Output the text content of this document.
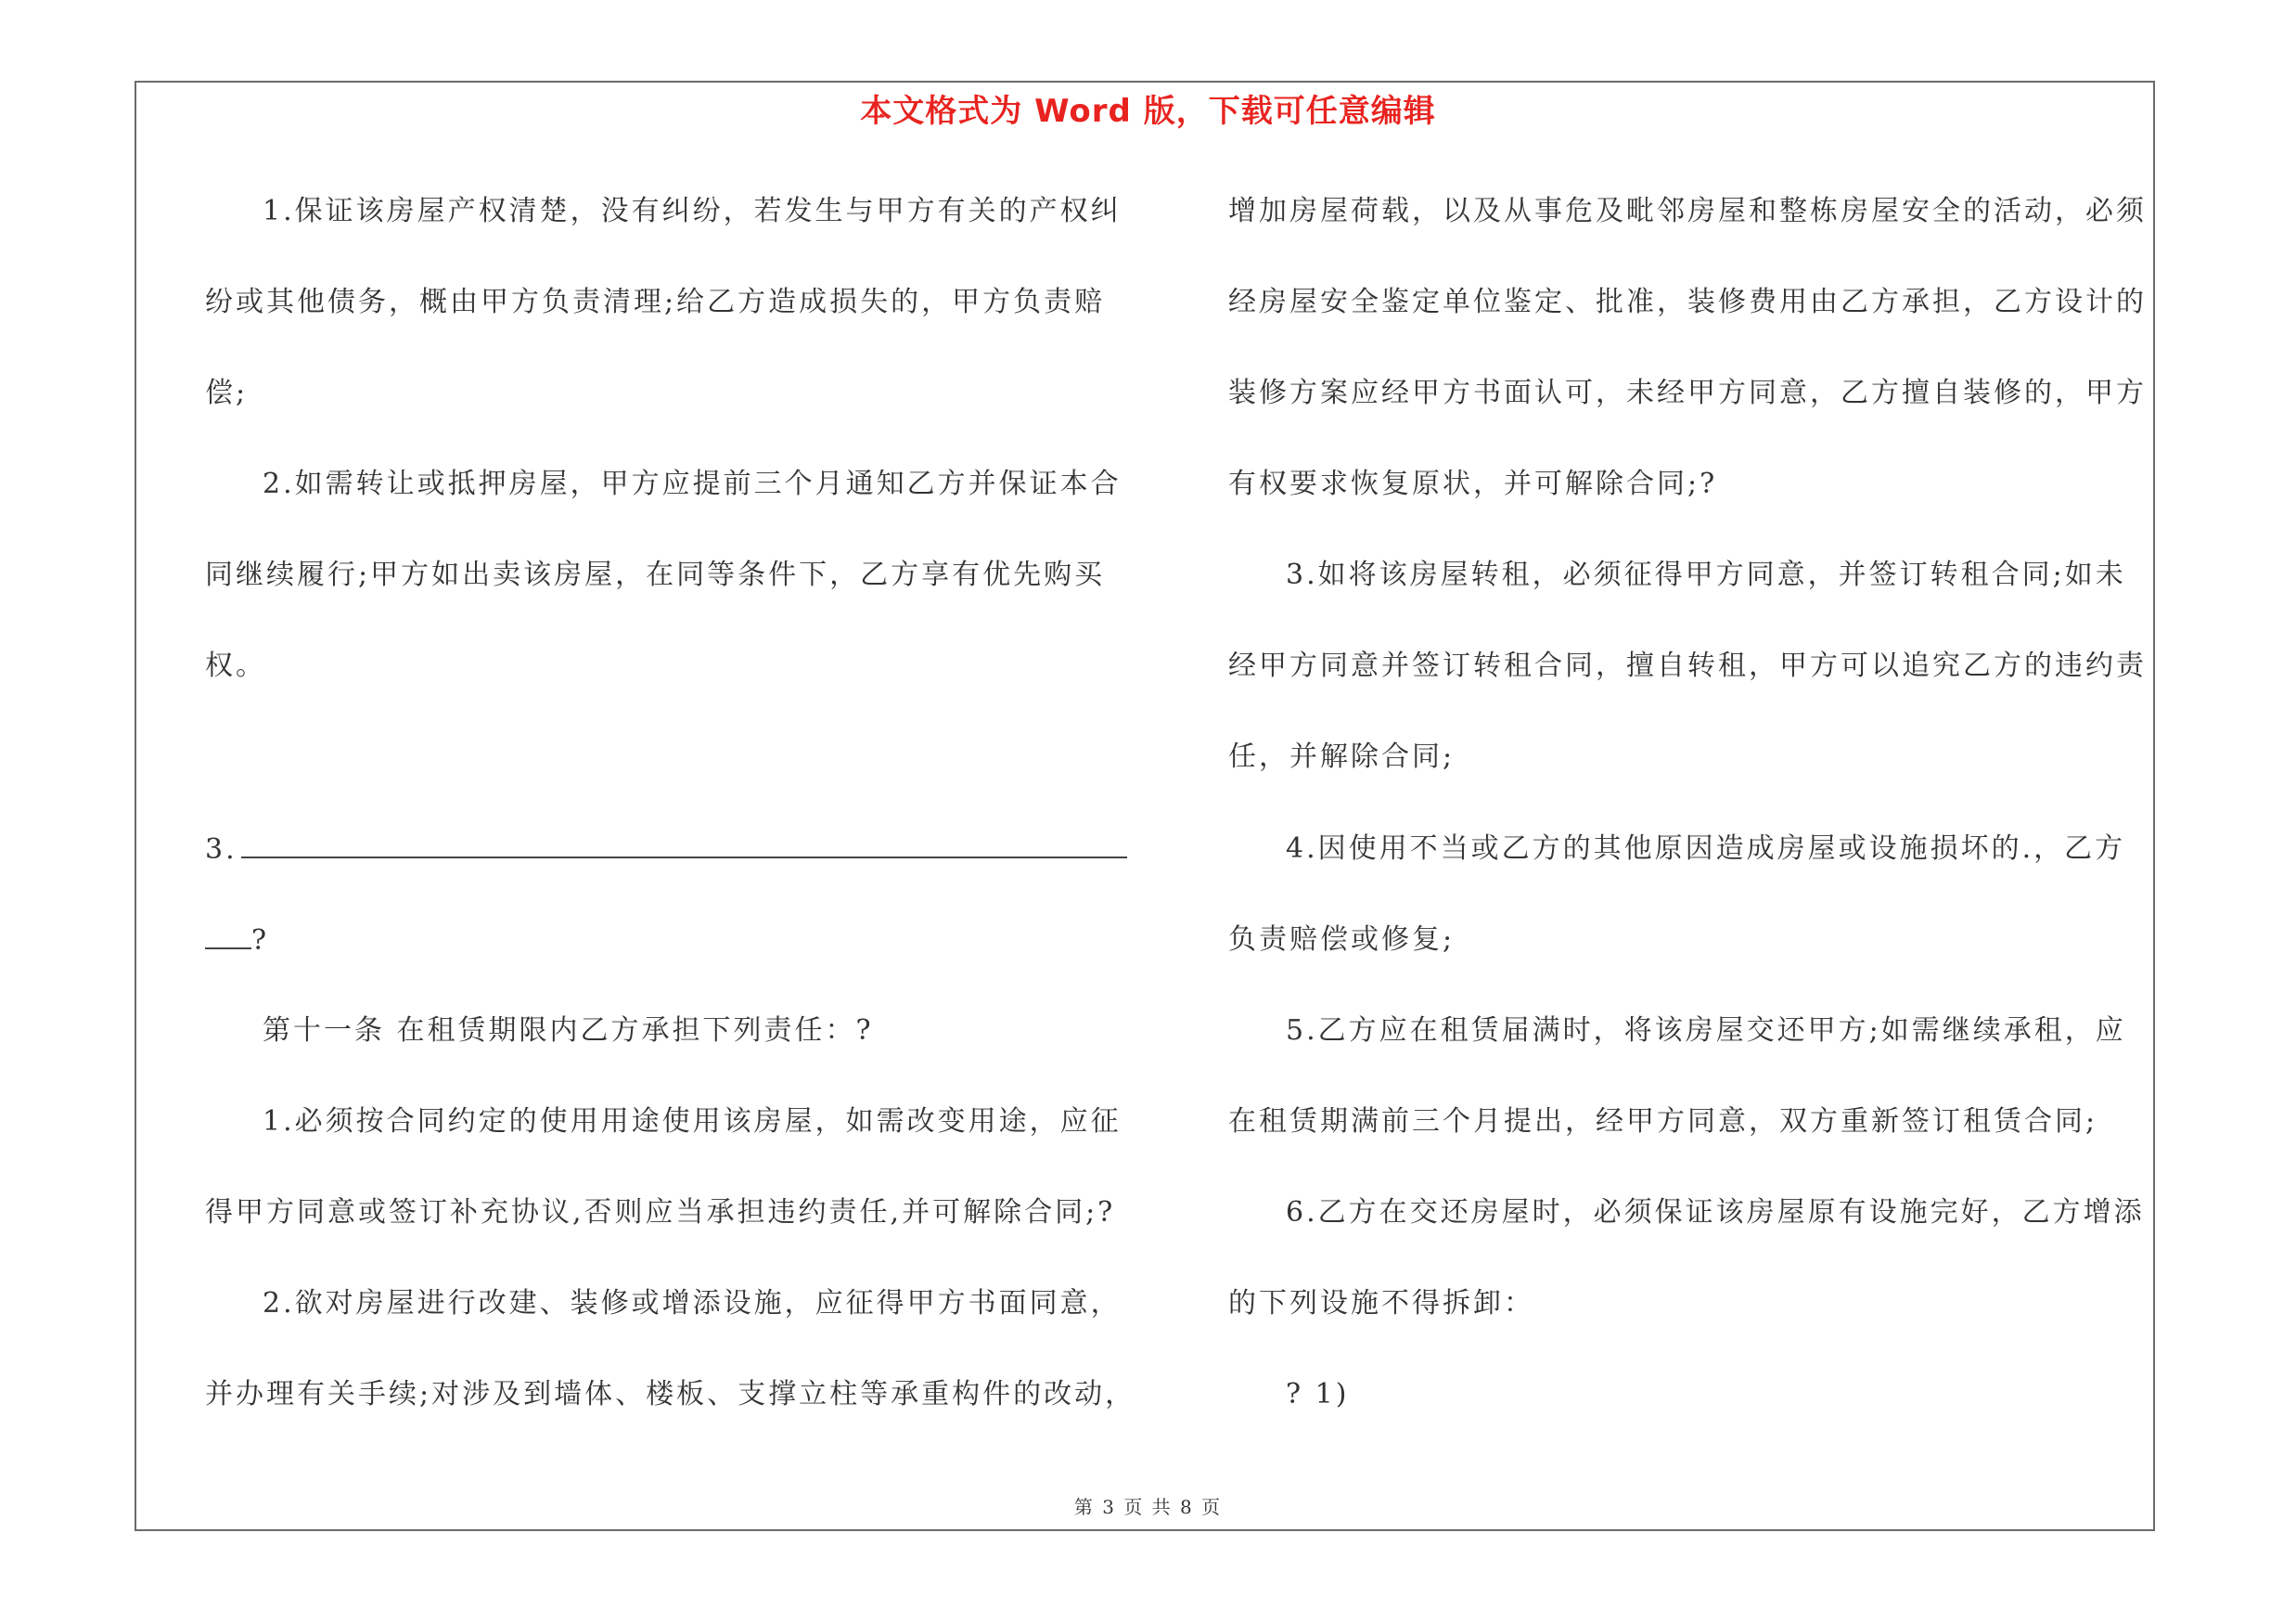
本文格式为 Word 版，下载可任意编辑
1.保证该房屋产权清楚，没有纠纷，若发生与甲方有关的产权纠
纷或其他债务，概由甲方负责清理;给乙方造成损失的，甲方负责赔
偿;
2.如需转让或抵押房屋，甲方应提前三个月通知乙方并保证本合
同继续履行;甲方如出卖该房屋，在同等条件下，乙方享有优先购买
权。
3.
?
第十一条 在租赁期限内乙方承担下列责任：?
1.必须按合同约定的使用用途使用该房屋，如需改变用途，应征
得甲方同意或签订补充协议,否则应当承担违约责任,并可解除合同;?
2.欲对房屋进行改建、装修或增添设施，应征得甲方书面同意，
并办理有关手续;对涉及到墙体、楼板、支撑立柱等承重构件的改动，
增加房屋荷载，以及从事危及毗邻房屋和整栋房屋安全的活动，必须
经房屋安全鉴定单位鉴定、批准，装修费用由乙方承担，乙方设计的
装修方案应经甲方书面认可，未经甲方同意，乙方擅自装修的，甲方
有权要求恢复原状，并可解除合同;?
3.如将该房屋转租，必须征得甲方同意，并签订转租合同;如未
经甲方同意并签订转租合同，擅自转租，甲方可以追究乙方的违约责
任，并解除合同;
4.因使用不当或乙方的其他原因造成房屋或设施损坏的.，乙方
负责赔偿或修复;
5.乙方应在租赁届满时，将该房屋交还甲方;如需继续承租，应
在租赁期满前三个月提出，经甲方同意，双方重新签订租赁合同;
6.乙方在交还房屋时，必须保证该房屋原有设施完好，乙方增添
的下列设施不得拆卸：
? 1)
第 3 页 共 8 页
